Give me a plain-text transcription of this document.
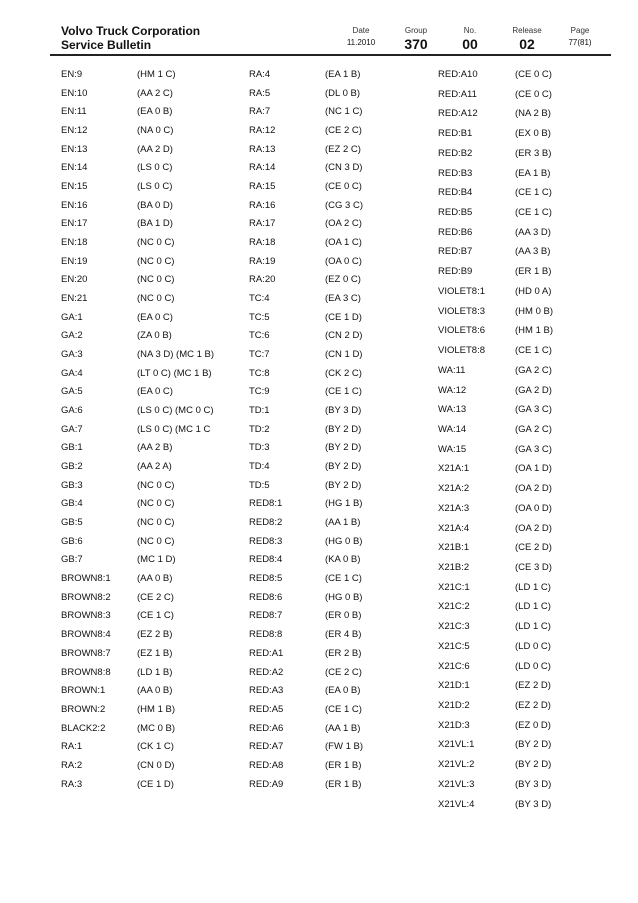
Volvo Truck Corporation
Service Bulletin
Date
11.2010
Group
370
No.
00
Release
02
Page
77(81)
EN:9	(HM 1 C)
EN:10	(AA 2 C)
EN:11	(EA 0 B)
EN:12	(NA 0 C)
EN:13	(AA 2 D)
EN:14	(LS 0 C)
EN:15	(LS 0 C)
EN:16	(BA 0 D)
EN:17	(BA 1 D)
EN:18	(NC 0 C)
EN:19	(NC 0 C)
EN:20	(NC 0 C)
EN:21	(NC 0 C)
GA:1	(EA 0 C)
GA:2	(ZA 0 B)
GA:3	(NA 3 D) (MC 1 B)
GA:4	(LT 0 C) (MC 1 B)
GA:5	(EA 0 C)
GA:6	(LS 0 C) (MC 0 C)
GA:7	(LS 0 C) (MC 1 C
GB:1	(AA 2 B)
GB:2	(AA 2 A)
GB:3	(NC 0 C)
GB:4	(NC 0 C)
GB:5	(NC 0 C)
GB:6	(NC 0 C)
GB:7	(MC 1 D)
BROWN8:1	(AA 0 B)
BROWN8:2	(CE 2 C)
BROWN8:3	(CE 1 C)
BROWN8:4	(EZ 2 B)
BROWN8:7	(EZ 1 B)
BROWN8:8	(LD 1 B)
BROWN:1	(AA 0 B)
BROWN:2	(HM 1 B)
BLACK2:2	(MC 0 B)
RA:1	(CK 1 C)
RA:2	(CN 0 D)
RA:3	(CE 1 D)
RA:4	(EA 1 B)
RA:5	(DL 0 B)
RA:7	(NC 1 C)
RA:12	(CE 2 C)
RA:13	(EZ 2 C)
RA:14	(CN 3 D)
RA:15	(CE 0 C)
RA:16	(CG 3 C)
RA:17	(OA 2 C)
RA:18	(OA 1 C)
RA:19	(OA 0 C)
RA:20	(EZ 0 C)
TC:4	(EA 3 C)
TC:5	(CE 1 D)
TC:6	(CN 2 D)
TC:7	(CN 1 D)
TC:8	(CK 2 C)
TC:9	(CE 1 C)
TD:1	(BY 3 D)
TD:2	(BY 2 D)
TD:3	(BY 2 D)
TD:4	(BY 2 D)
TD:5	(BY 2 D)
RED8:1	(HG 1 B)
RED8:2	(AA 1 B)
RED8:3	(HG 0 B)
RED8:4	(KA 0 B)
RED8:5	(CE 1 C)
RED8:6	(HG 0 B)
RED8:7	(ER 0 B)
RED8:8	(ER 4 B)
RED:A1	(ER 2 B)
RED:A2	(CE 2 C)
RED:A3	(EA 0 B)
RED:A5	(CE 1 C)
RED:A6	(AA 1 B)
RED:A7	(FW 1 B)
RED:A8	(ER 1 B)
RED:A9	(ER 1 B)
RED:A10	(CE 0 C)
RED:A11	(CE 0 C)
RED:A12	(NA 2 B)
RED:B1	(EX 0 B)
RED:B2	(ER 3 B)
RED:B3	(EA 1 B)
RED:B4	(CE 1 C)
RED:B5	(CE 1 C)
RED:B6	(AA 3 D)
RED:B7	(AA 3 B)
RED:B9	(ER 1 B)
VIOLET8:1	(HD 0 A)
VIOLET8:3	(HM 0 B)
VIOLET8:6	(HM 1 B)
VIOLET8:8	(CE 1 C)
WA:11	(GA 2 C)
WA:12	(GA 2 D)
WA:13	(GA 3 C)
WA:14	(GA 2 C)
WA:15	(GA 3 C)
X21A:1	(OA 1 D)
X21A:2	(OA 2 D)
X21A:3	(OA 0 D)
X21A:4	(OA 2 D)
X21B:1	(CE 2 D)
X21B:2	(CE 3 D)
X21C:1	(LD 1 C)
X21C:2	(LD 1 C)
X21C:3	(LD 1 C)
X21C:5	(LD 0 C)
X21C:6	(LD 0 C)
X21D:1	(EZ 2 D)
X21D:2	(EZ 2 D)
X21D:3	(EZ 0 D)
X21VL:1	(BY 2 D)
X21VL:2	(BY 2 D)
X21VL:3	(BY 3 D)
X21VL:4	(BY 3 D)
